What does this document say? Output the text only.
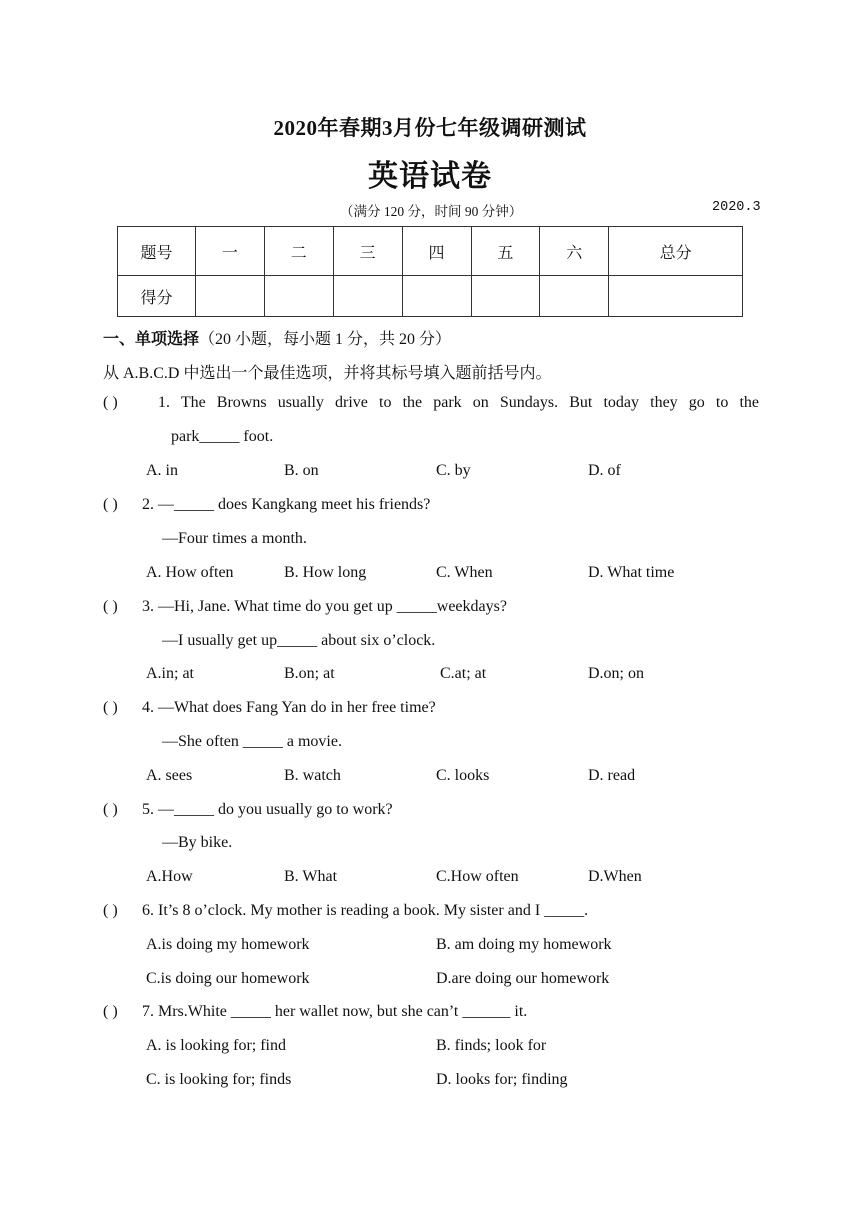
2020年春期3月份七年级调研测试
英语试卷
（满分 120 分，时间 90 分钟）	2020.3
题号	一	二	三	四	五	六	总分
得分							
一、单项选择（20 小题，每小题 1 分，共 20 分）
从 A.B.C.D 中选出一个最佳选项，并将其标号填入题前括号内。
( )	1. The Browns usually drive to the park on Sundays. But today they go to the
park_____ foot.
A. in	B. on	C. by	D. of
( ) 2. —_____ does Kangkang meet his friends?
—Four times a month.
A. How often	B. How long	C. When	D. What time
( ) 3. —Hi, Jane. What time do you get up _____weekdays?
—I usually get up_____ about six o’clock.
A.in; at	B.on; at	C.at; at	D.on; on
( ) 4. —What does Fang Yan do in her free time?
—She often _____ a movie.
A. sees	B. watch	C. looks	D. read
( ) 5. —_____ do you usually go to work?
—By bike.
A.How	B. What	C.How often	D.When
( ) 6. It’s 8 o’clock. My mother is reading a book. My sister and I _____.
A.is doing my homework	B. am doing my homework
C.is doing our homework	D.are doing our homework
( ) 7. Mrs.White _____ her wallet now, but she can’t ______ it.
A. is looking for; find	B. finds; look for
C. is looking for; finds	D. looks for; finding
